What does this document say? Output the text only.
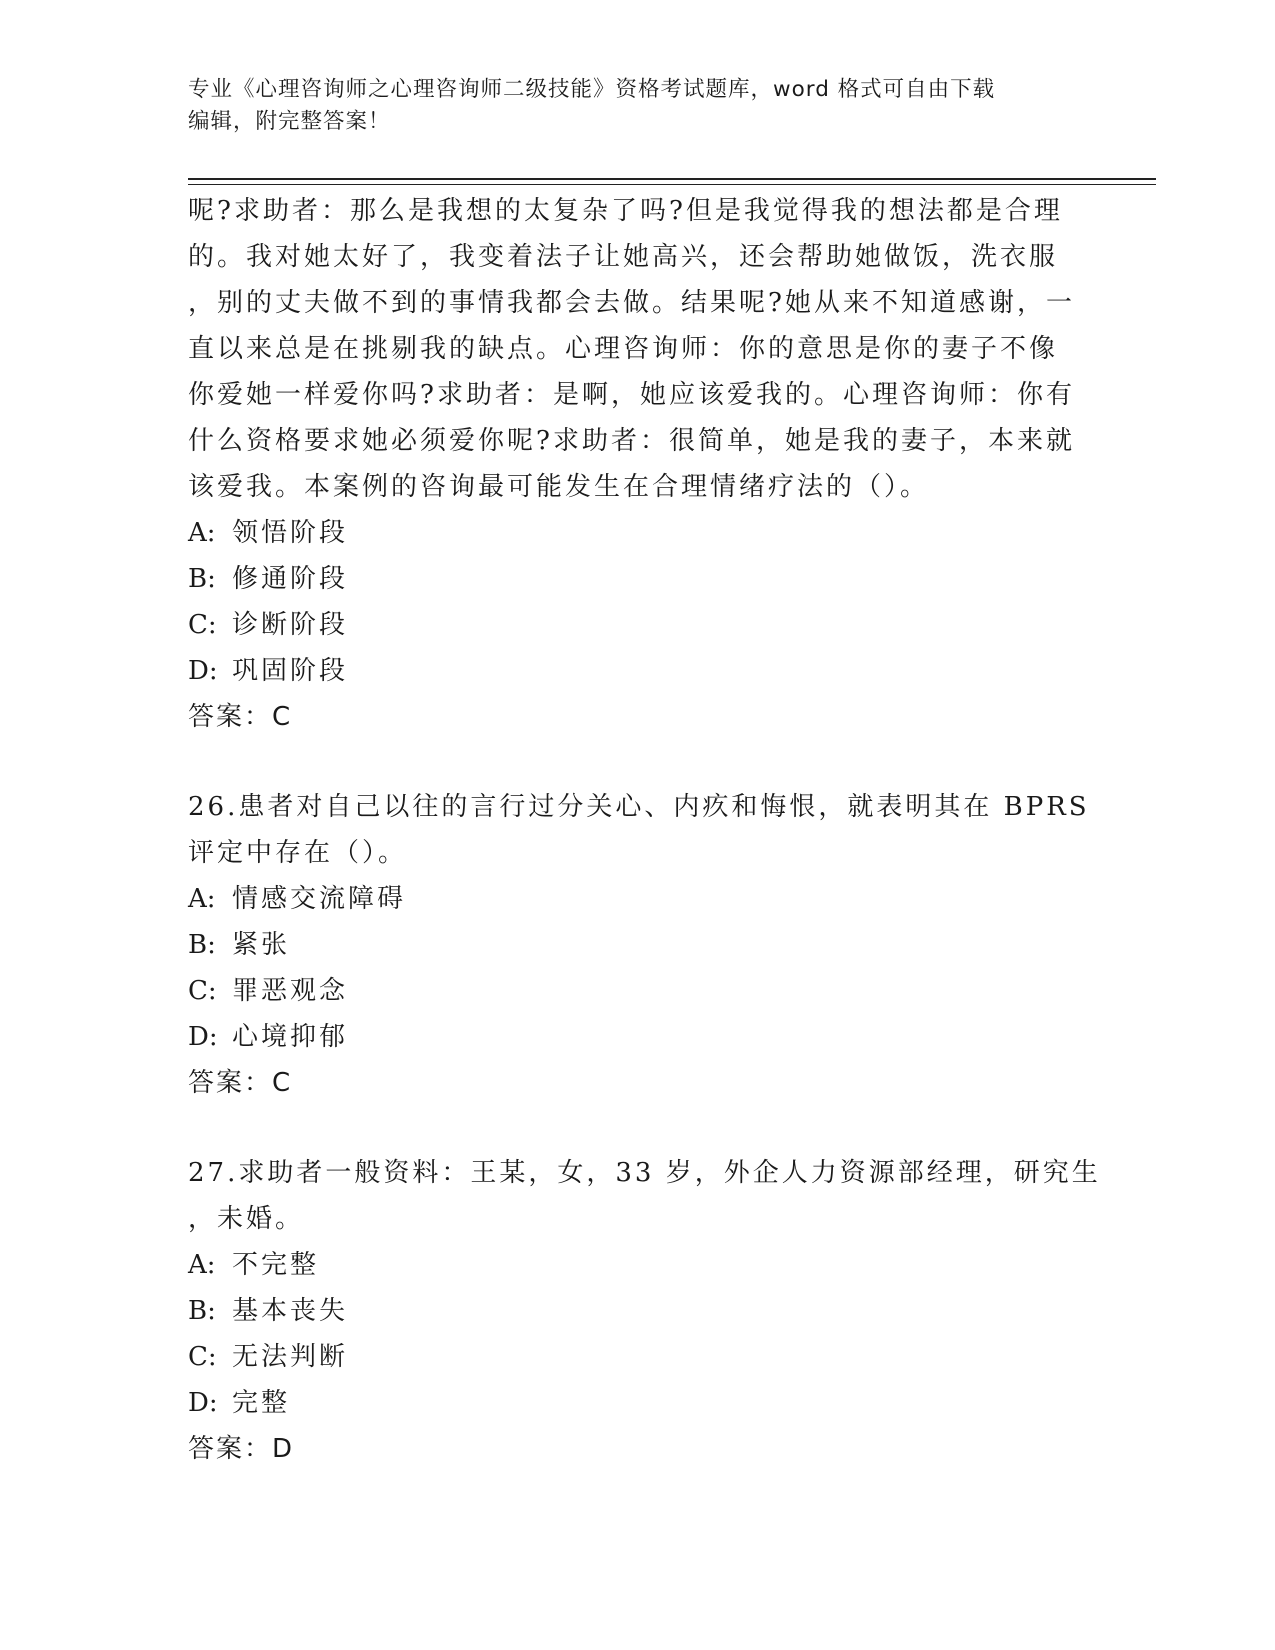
专业《心理咨询师之心理咨询师二级技能》资格考试题库，word 格式可自由下载
编辑，附完整答案！
呢?求助者：那么是我想的太复杂了吗?但是我觉得我的想法都是合理
的。我对她太好了，我变着法子让她高兴，还会帮助她做饭，洗衣服
，别的丈夫做不到的事情我都会去做。结果呢?她从来不知道感谢，一
直以来总是在挑剔我的缺点。心理咨询师：你的意思是你的妻子不像
你爱她一样爱你吗?求助者：是啊，她应该爱我的。心理咨询师：你有
什么资格要求她必须爱你呢?求助者：很简单，她是我的妻子，本来就
该爱我。本案例的咨询最可能发生在合理情绪疗法的（）。
A: 领悟阶段
B: 修通阶段
C: 诊断阶段
D: 巩固阶段
答案：C
26.患者对自己以往的言行过分关心、内疚和悔恨，就表明其在 BPRS
评定中存在（）。
A: 情感交流障碍
B: 紧张
C: 罪恶观念
D: 心境抑郁
答案：C
27.求助者一般资料：王某，女，33 岁，外企人力资源部经理，研究生
，未婚。
A: 不完整
B: 基本丧失
C: 无法判断
D: 完整
答案：D
